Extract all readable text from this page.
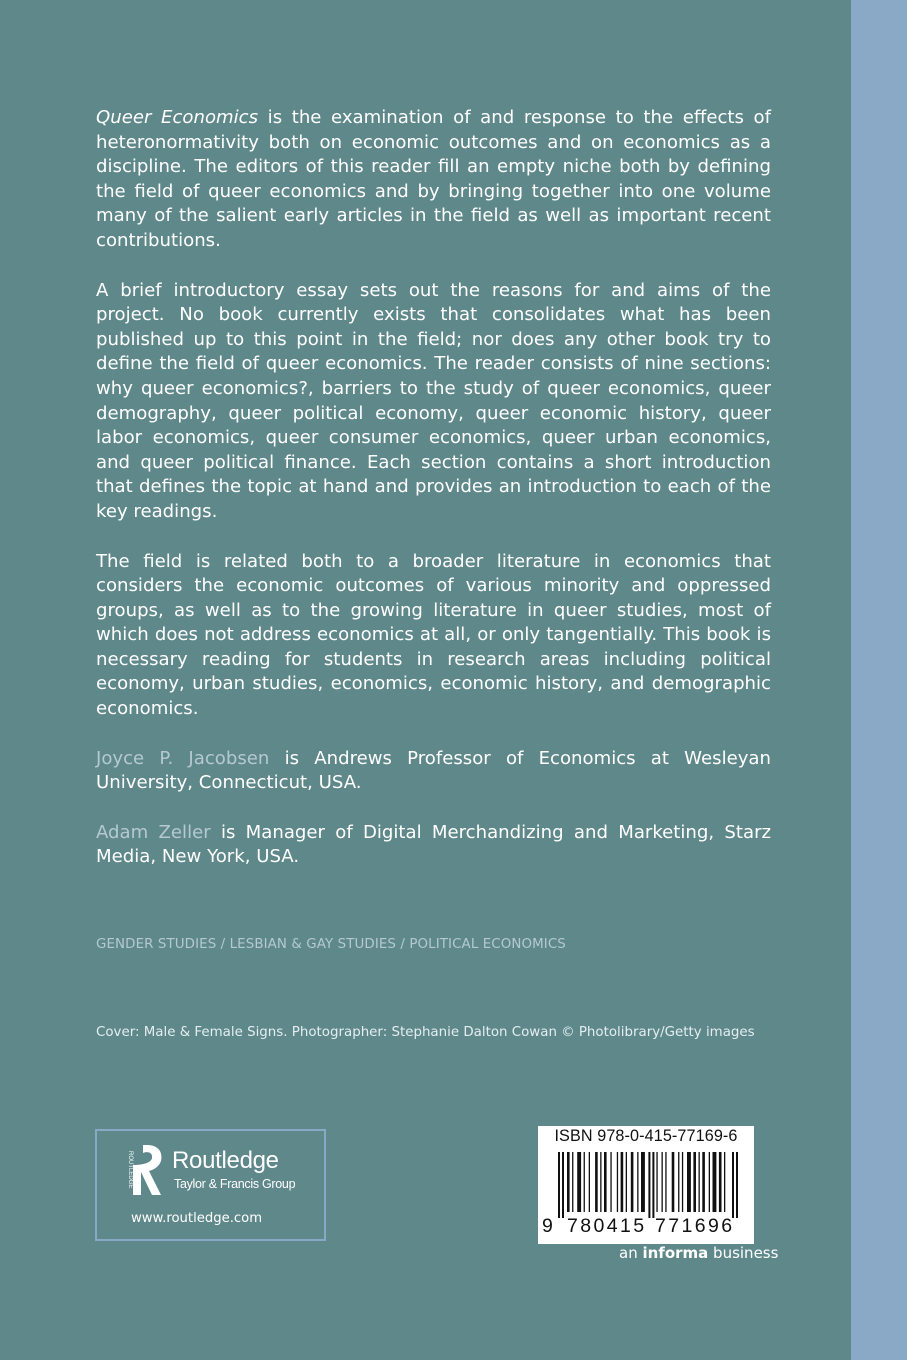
Queer Economics is the examination of and response to the effects of heteronormativity both on economic outcomes and on economics as a discipline. The editors of this reader fill an empty niche both by defining the field of queer economics and by bringing together into one volume many of the salient early articles in the field as well as important recent contributions.

A brief introductory essay sets out the reasons for and aims of the project. No book currently exists that consolidates what has been published up to this point in the field; nor does any other book try to define the field of queer economics. The reader consists of nine sections: why queer economics?, barriers to the study of queer economics, queer demography, queer political economy, queer economic history, queer labor economics, queer consumer economics, queer urban economics, and queer political finance. Each section contains a short introduction that defines the topic at hand and provides an introduction to each of the key readings.

The field is related both to a broader literature in economics that considers the economic outcomes of various minority and oppressed groups, as well as to the growing literature in queer studies, most of which does not address economics at all, or only tangentially. This book is necessary reading for students in research areas including political economy, urban studies, economics, economic history, and demographic economics.

Joyce P. Jacobsen is Andrews Professor of Economics at Wesleyan University, Connecticut, USA.

Adam Zeller is Manager of Digital Merchandizing and Marketing, Starz Media, New York, USA.

GENDER STUDIES / LESBIAN & GAY STUDIES / POLITICAL ECONOMICS
Cover: Male & Female Signs. Photographer: Stephanie Dalton Cowan © Photolibrary/Getty images
ROUTLEDGE Routledge
Taylor & Francis Group
www.routledge.com
ISBN 978-0-415-77169-6
9 780415 771696
an informa business
